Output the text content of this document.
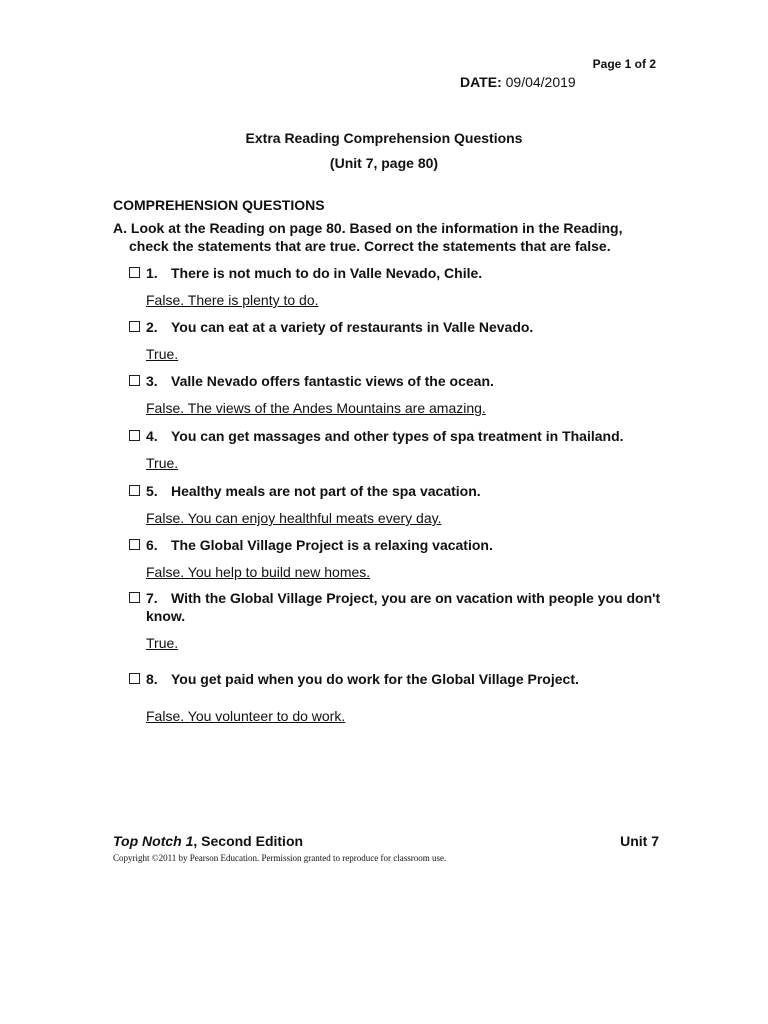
Page 1 of 2
DATE: 09/04/2019
Extra Reading Comprehension Questions
(Unit 7, page 80)
COMPREHENSION QUESTIONS
A. Look at the Reading on page 80. Based on the information in the Reading,
check the statements that are true. Correct the statements that are false.
1. There is not much to do in Valle Nevado, Chile.
False. There is plenty to do.
2. You can eat at a variety of restaurants in Valle Nevado.
True.
3. Valle Nevado offers fantastic views of the ocean.
False. The views of the Andes Mountains are amazing.
4. You can get massages and other types of spa treatment in Thailand.
True.
5. Healthy meals are not part of the spa vacation.
False. You can enjoy healthful meats every day.
6. The Global Village Project is a relaxing vacation.
False. You help to build new homes.
7. With the Global Village Project, you are on vacation with people you don't
know.
True.
8. You get paid when you do work for the Global Village Project.
False. You volunteer to do work.
Top Notch 1, Second Edition	Unit 7
Copyright ©2011 by Pearson Education. Permission granted to reproduce for classroom use.
